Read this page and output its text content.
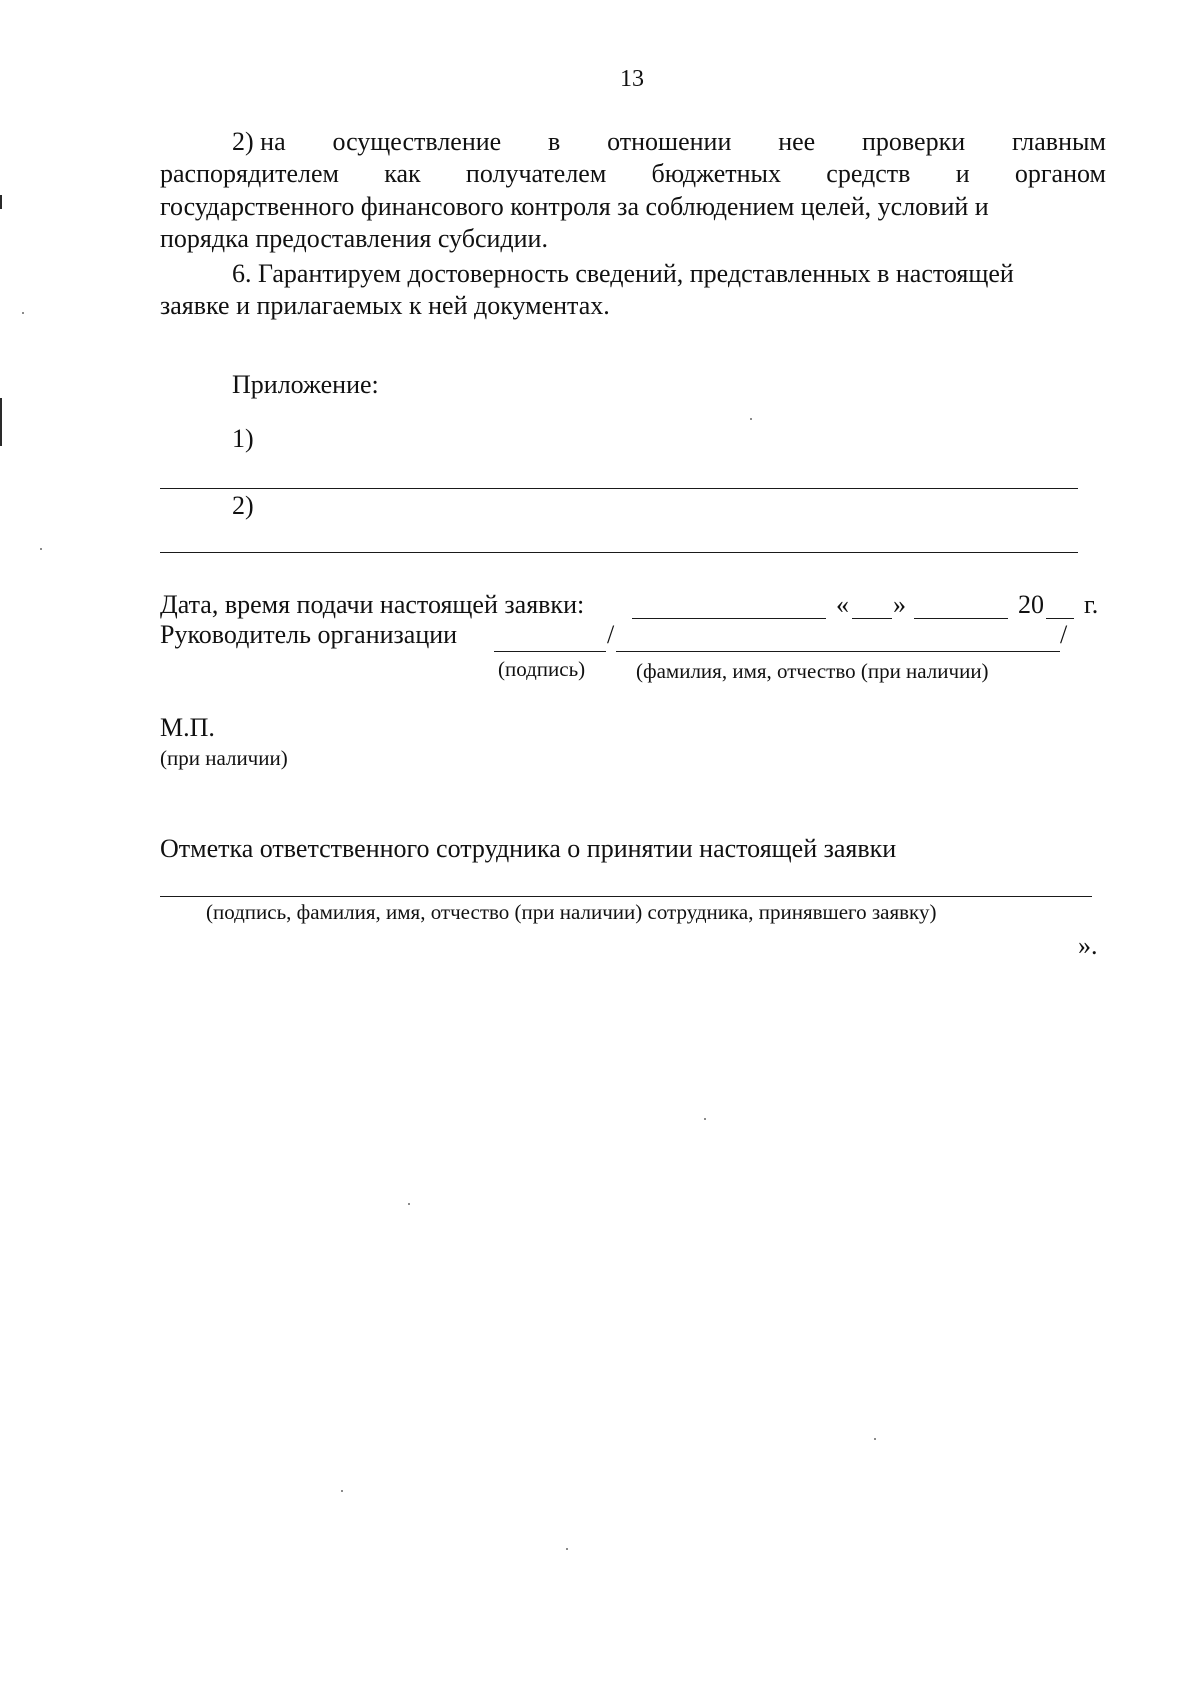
13
2) на осуществление в отношении нее проверки главным
распорядителем как получателем бюджетных средств и органом
государственного финансового контроля за соблюдением целей, условий и
порядка предоставления субсидии.
6. Гарантируем достоверность сведений, представленных в настоящей
заявке и прилагаемых к ней документах.
Приложение:
1)
2)
Дата, время подачи настоящей заявки:	« »	20 г.
Руководитель организации	/	/
(подпись) (фамилия, имя, отчество (при наличии)
М.П.
(при наличии)
Отметка ответственного сотрудника о принятии настоящей заявки
(подпись, фамилия, имя, отчество (при наличии) сотрудника, принявшего заявку)
».
